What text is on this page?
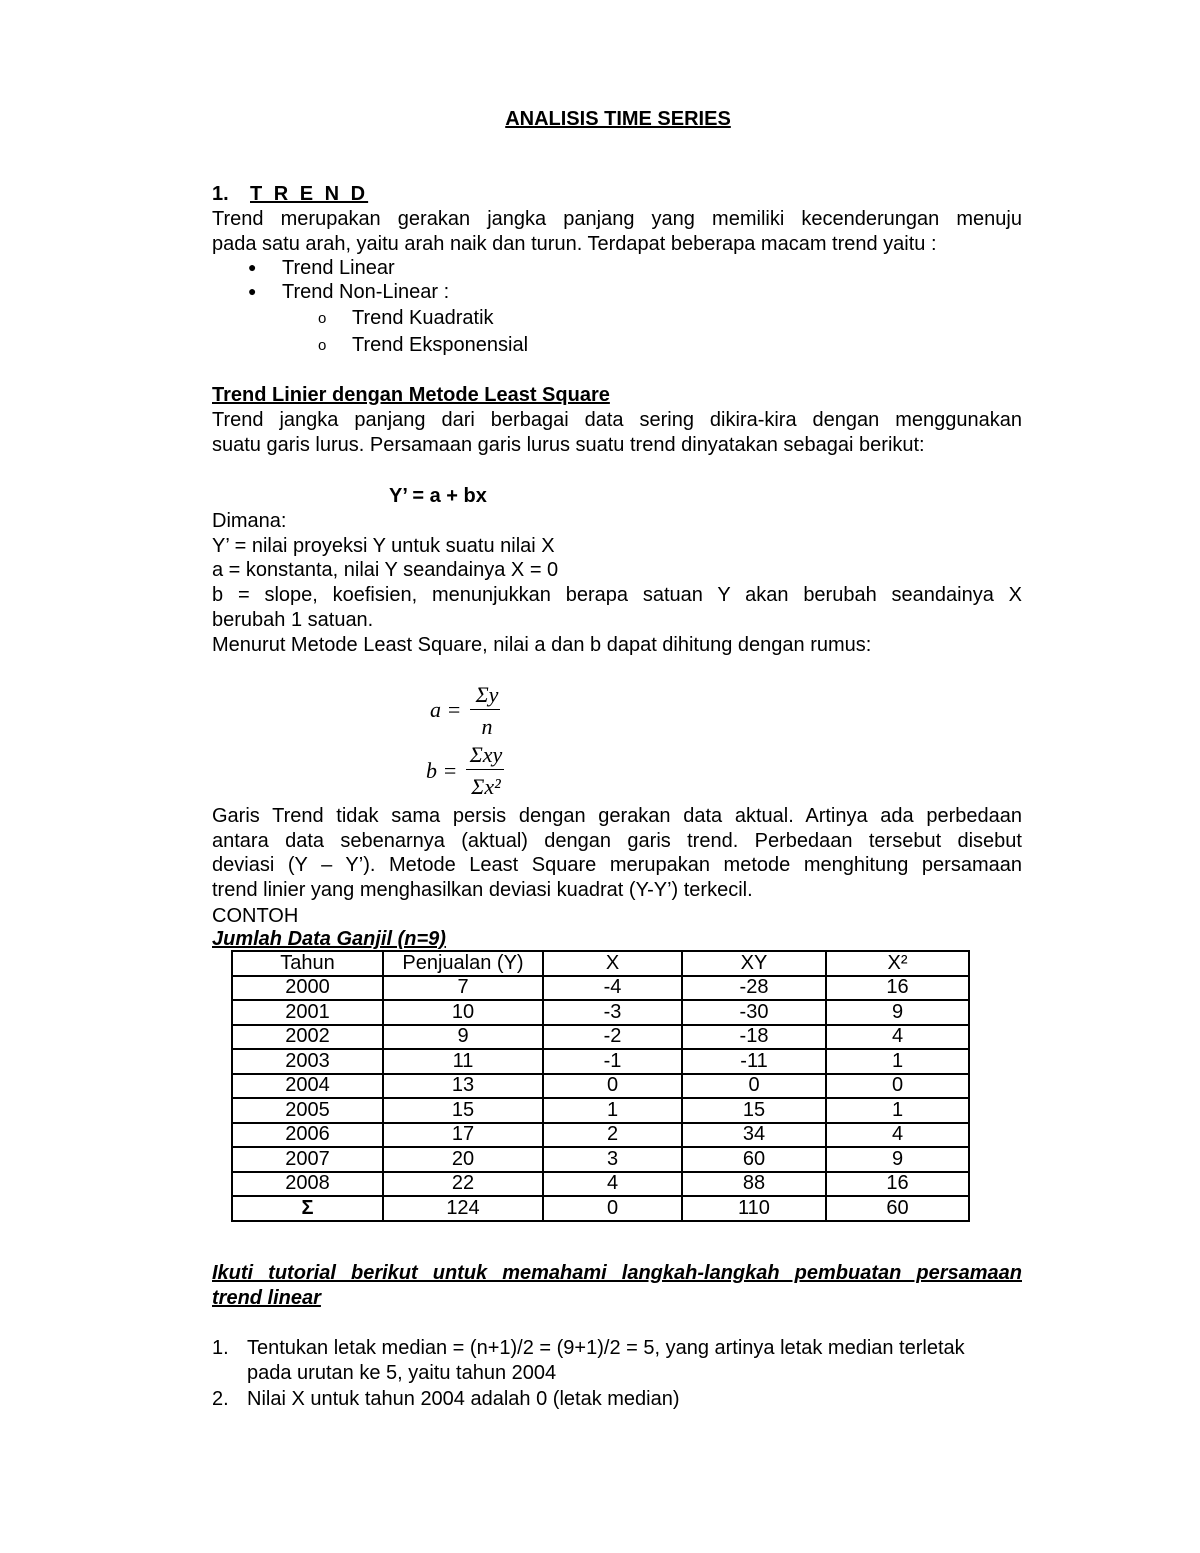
ANALISIS TIME SERIES
1. T R E N D
Trend merupakan gerakan jangka panjang yang memiliki kecenderungan menuju
pada satu arah, yaitu arah naik dan turun. Terdapat beberapa macam trend yaitu :
● Trend Linear
● Trend Non-Linear :
o Trend Kuadratik
o Trend Eksponensial
Trend Linier dengan Metode Least Square
Trend jangka panjang dari berbagai data sering dikira-kira dengan menggunakan
suatu garis lurus. Persamaan garis lurus suatu trend dinyatakan sebagai berikut:
Y’ = a + bx
Dimana:
Y’ = nilai proyeksi Y untuk suatu nilai X
a = konstanta, nilai Y seandainya X = 0
b = slope, koefisien, menunjukkan berapa satuan Y akan berubah seandainya X
berubah 1 satuan.
Menurut Metode Least Square, nilai a dan b dapat dihitung dengan rumus:
a =
Σy
n
b =
Σxy
Σx²
Garis Trend tidak sama persis dengan gerakan data aktual. Artinya ada perbedaan
antara data sebenarnya (aktual) dengan garis trend. Perbedaan tersebut disebut
deviasi (Y – Y’). Metode Least Square merupakan metode menghitung persamaan
trend linier yang menghasilkan deviasi kuadrat (Y-Y’) terkecil.
CONTOH
Jumlah Data Ganjil (n=9)
Tahun	Penjualan (Y)	X	XY	X²
2000	7	-4	-28	16
2001	10	-3	-30	9
2002	9	-2	-18	4
2003	11	-1	-11	1
2004	13	0	0	0
2005	15	1	15	1
2006	17	2	34	4
2007	20	3	60	9
2008	22	4	88	16
Σ	124	0	110	60
Ikuti tutorial berikut untuk memahami langkah-langkah pembuatan persamaan
trend linear
1. Tentukan letak median = (n+1)/2 = (9+1)/2 = 5, yang artinya letak median terletak
pada urutan ke 5, yaitu tahun 2004
2. Nilai X untuk tahun 2004 adalah 0 (letak median)
